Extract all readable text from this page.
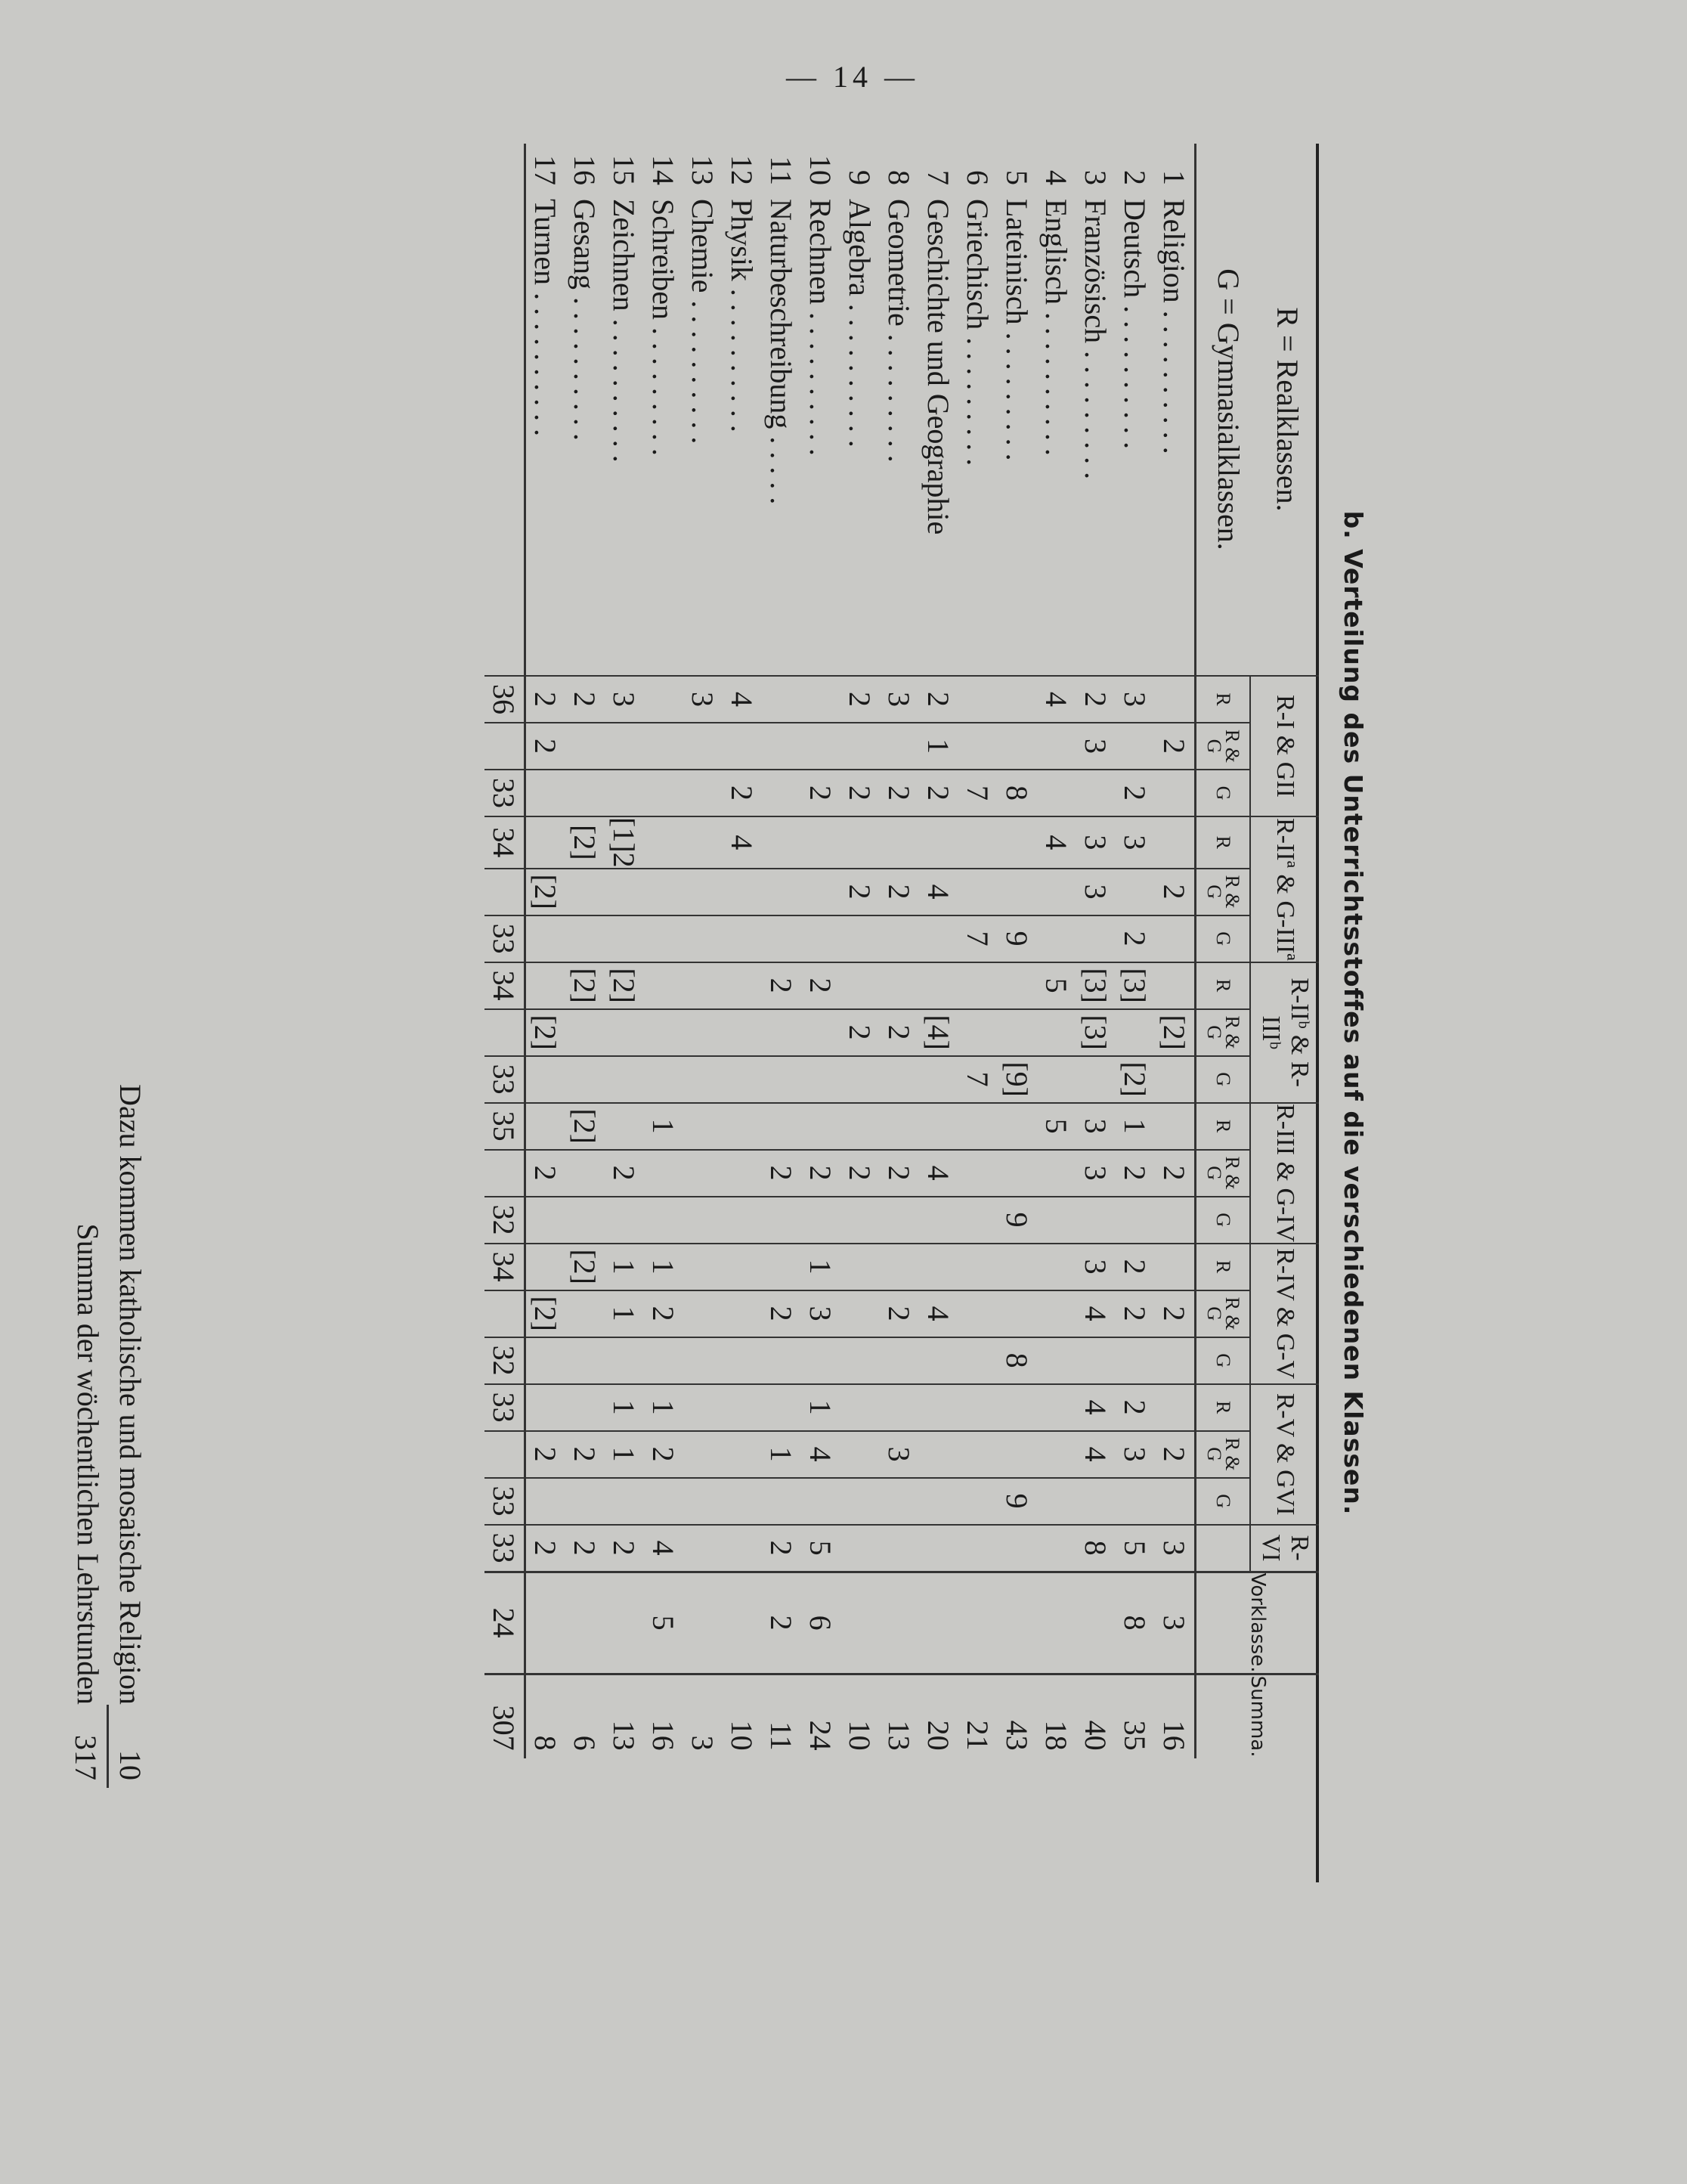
— 14 —
b. Verteilung des Unterrichtsstoffes auf die verschiedenen Klassen.
R = Realklassen.
G = Gymnasialklassen.		R-I & GII			R-IIª & G-IIIª			R-IIᵇ & R-IIIᵇ			R-III & G-IV			R-IV & G-V			R-V & GVI			R-VI	Vorklasse.	Summa.
		R	R & G	G	R	R & G	G	R	R & G	G	R	R & G	G	R	R & G	G	R	R & G	G			
1	Religion . . . . . . . . . .		2			2			[2]			2			2			2		3	3	16
2	Deutsch . . . . . . . . . .	3		2	3		2	[3]		[2]	1	2		2	2		2	3		5	8	35
3	Französisch . . . . . . . . .	2	3		3	3		[3]	[3]		3	3		3	4		4	4		8		40
4	Englisch . . . . . . . . . .	4			4			5			5											18
5	Lateinisch . . . . . . . . .			8			9			[9]			9			8			9			43
6	Griechisch . . . . . . . . .			7			7			7												21
7	Geschichte und Geographie	2	1	2		4			[4]			4			4							20
8	Geometrie . . . . . . . . .	3		2		2			2			2			2			3				13
9	Algebra . . . . . . . . . .	2		2		2			2			2										10
10	Rechnen . . . . . . . . . .			2				2				2		1	3		1	4		5	6	24
11	Naturbeschreibung . . . . .							2				2			2			1		2	2	11
12	Physik . . . . . . . . . .	4		2	4																	10
13	Chemie . . . . . . . . . .	3																				3
14	Schreiben . . . . . . . . .										1			1	2		1	2		4	5	16
15	Zeichnen . . . . . . . . . .	3			[1]2			[2]				2		1	1		1	1		2		13
16	Gesang . . . . . . . . . .	2			[2]			[2]			[2]			[2]				2		2		6
17	Turnen . . . . . . . . . .	2	2			[2]			[2]			2			[2]			2		2		8
		36		33	34		33	34		33	35		32	34		32	33		33	33	24	307
Dazu kommen katholische und mosaische Religion
10
Summa der wöchentlichen Lehrstunden
317
